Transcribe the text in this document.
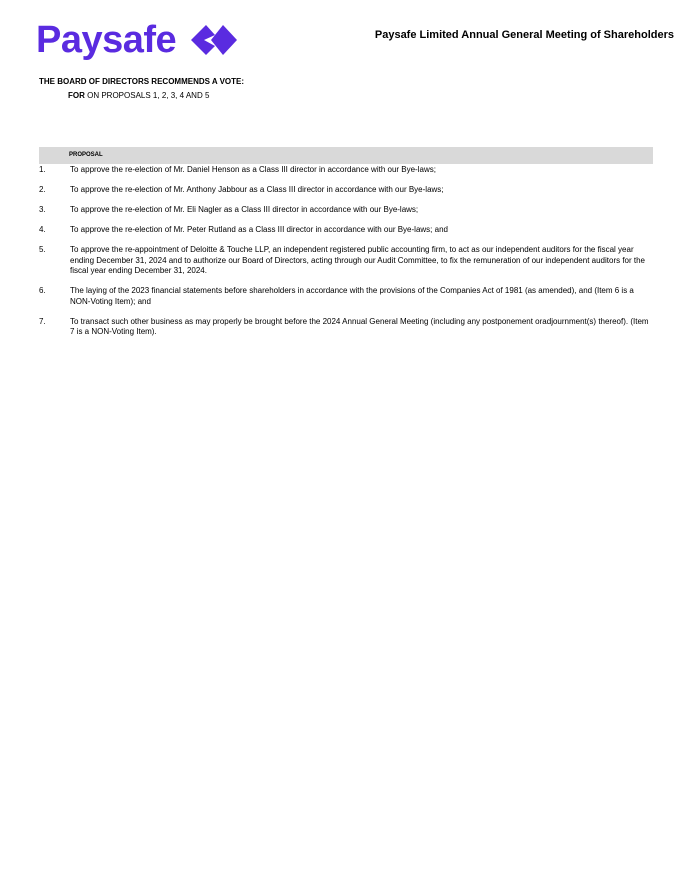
Paysafe	Paysafe Limited Annual General Meeting of Shareholders
THE BOARD OF DIRECTORS RECOMMENDS A VOTE:
FOR ON PROPOSALS 1, 2, 3, 4 AND 5
PROPOSAL
1.	To approve the re-election of Mr. Daniel Henson as a Class III director in accordance with our Bye-laws;
2.	To approve the re-election of Mr. Anthony Jabbour as a Class III director in accordance with our Bye-laws;
3.	To approve the re-election of Mr. Eli Nagler as a Class III director in accordance with our Bye-laws;
4.	To approve the re-election of Mr. Peter Rutland as a Class III director in accordance with our Bye-laws; and
5.	To approve the re-appointment of Deloitte & Touche LLP, an independent registered public accounting firm, to act as our independent auditors for the fiscal year ending December 31, 2024 and to authorize our Board of Directors, acting through our Audit Committee, to fix the remuneration of our independent auditors for the fiscal year ending December 31, 2024.
6.	The laying of the 2023 financial statements before shareholders in accordance with the provisions of the Companies Act of 1981 (as amended), and (Item 6 is a NON-Voting Item); and
7.	To transact such other business as may properly be brought before the 2024 Annual General Meeting (including any postponement oradjournment(s) thereof). (Item 7 is a NON-Voting Item).
